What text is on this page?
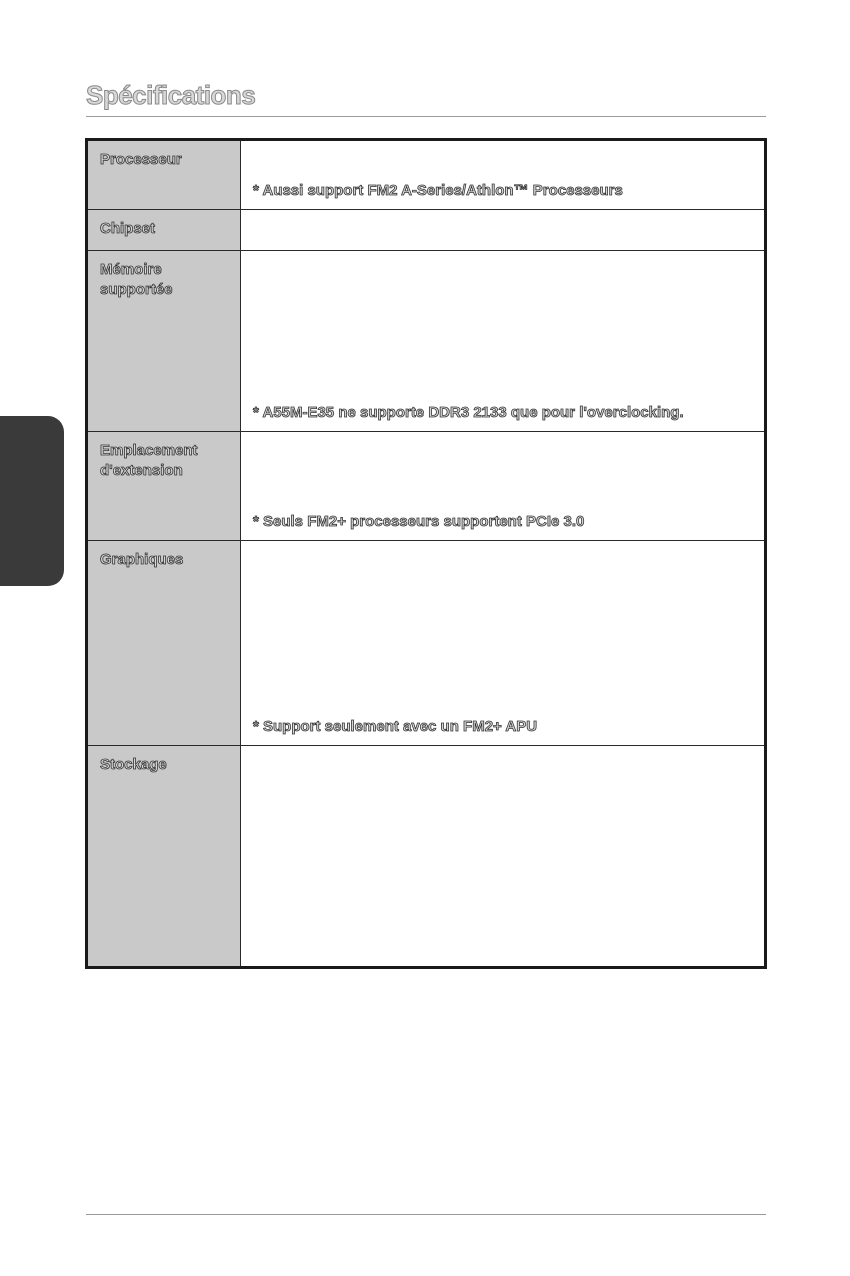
Spécifications
Processeur	* Aussi support FM2 A-Series/Athlon™ Processeurs

Chipset	
Mémoire
supportée	* A55M-E35 ne supporte DDR3 2133 que pour l'overclocking.

Emplacement
d'extension	* Seuls FM2+ processeurs supportent PCIe 3.0

Graphiques	* Support seulement avec un FM2+ APU

Stockage	
